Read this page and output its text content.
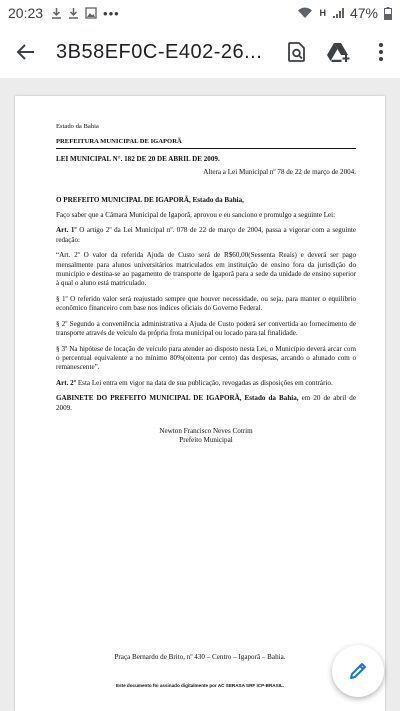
20:23	•••	H 47%
3B58EF0C-E402-26...

Estado da Bahia

PREFEITURA MUNICIPAL DE IGAPORÃ

LEI MUNICIPAL N°. 182 DE 20 DE ABRIL DE 2009.

Altera a Lei Municipal nº 78 de 22 de março de 2004.

O PREFEITO MUNICIPAL DE IGAPORÃ, Estado da Bahia,

Faço saber que a Câmara Municipal de Igaporã, aprovou e eu sanciono e promulgo a seguinte Lei:

Art. 1º O artigo 2º da Lei Municipal nº. 078 de 22 de março de 2004, passa a vigorar com a seguinte redação:

“Art. 2º O valor da referida Ajuda de Custo será de R$60,00(Sessenta Reais) e deverá ser pago mensalmente para alunos universitários matriculados em instituição de ensino fora da jurisdição do município e destina-se ao pagamento de transporte de Igaporã para a sede da unidade de ensino superior à qual o aluno está matriculado.

§ 1º O referido valor será reajustado sempre que houver necessidade, ou seja, para manter o equilíbrio econômico financeiro com base nos índices oficiais do Governo Federal.

§ 2º Segundo a conveniência administrativa a Ajuda de Custo poderá ser convertida ao fornecimento de transporte através de veículo da própria frota municipal ou locado para tal finalidade.

§ 3º Na hipótese de locação de veículo para atender ao disposto nesta Lei, o Município deverá arcar com o percentual equivalente a no mínimo 80%(oitenta por cento) das despesas, arcando o alunado com o remanescente”.

Art. 2º Esta Lei entra em vigor na data de sua publicação, revogadas as disposições em contrário.

GABINETE DO PREFEITO MUNICIPAL DE IGAPORÃ, Estado da Bahia, em 20 de abril de 2009.

Newton Francisco Neves Cotrim

Prefeito Municipal

Praça Bernardo de Brito, nº 430 – Centro – Igaporã – Bahia.
Este documento foi assinado digitalmente por AC SERASA SRF ICP-BRASIL.
